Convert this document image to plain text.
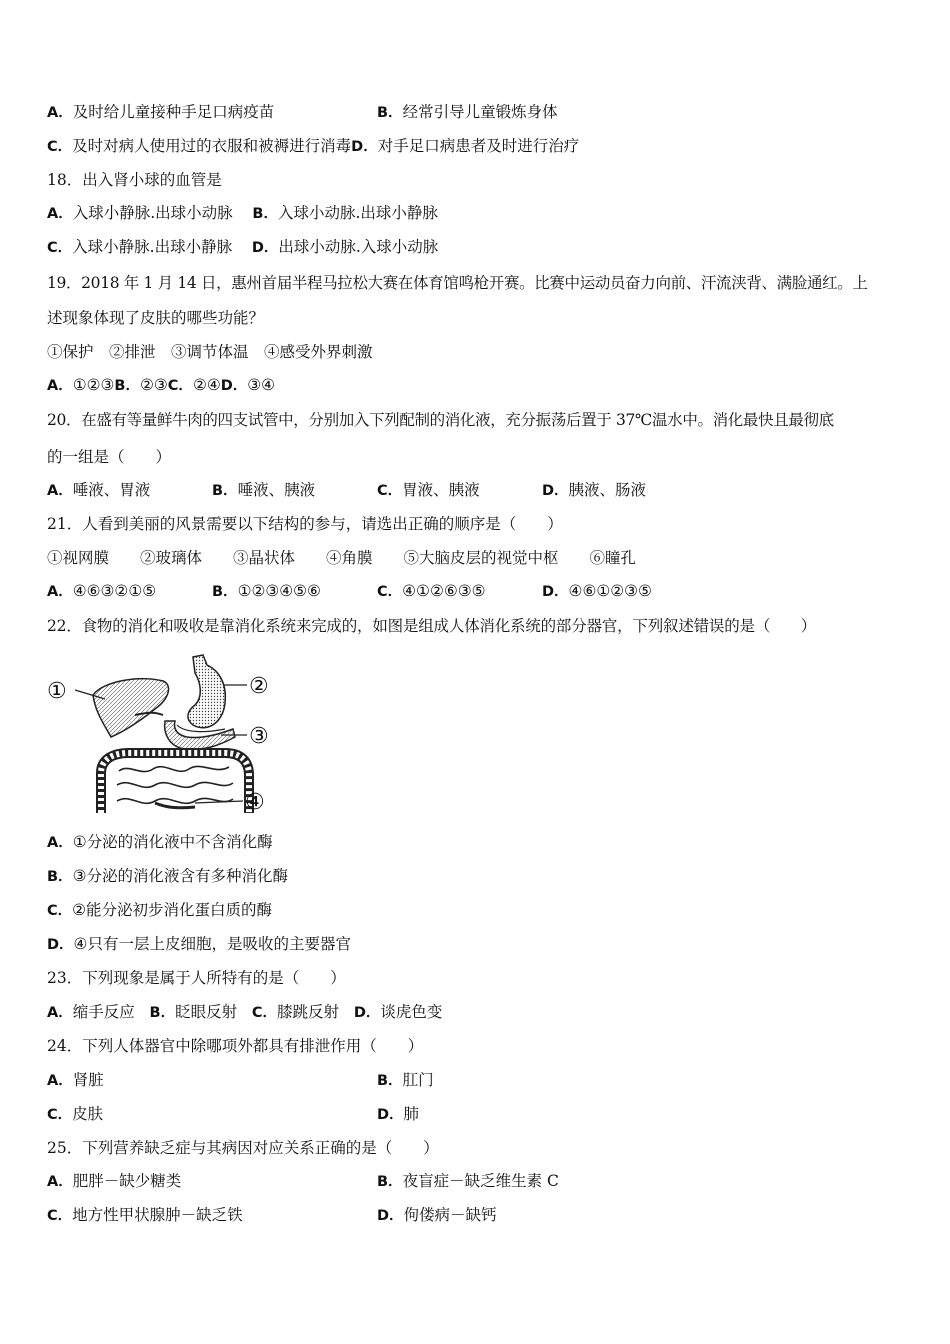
A．及时给儿童接种手足口病疫苗	B．经常引导儿童锻炼身体
C．及时对病人使用过的衣服和被褥进行消毒D．对手足口病患者及时进行治疗
18．出入肾小球的血管是
A．入球小静脉.出球小动脉 B．入球小动脉.出球小静脉
C．入球小静脉.出球小静脉 D．出球小动脉.入球小动脉
19．2018 年 1 月 14 日，惠州首届半程马拉松大赛在体育馆鸣枪开赛。比赛中运动员奋力向前、汗流浃背、满脸通红。上
述现象体现了皮肤的哪些功能？
①保护　②排泄　③调节体温　④感受外界刺激
A．①②③B．②③C．②④D．③④
20．在盛有等量鲜牛肉的四支试管中，分别加入下列配制的消化液，充分振荡后置于 37℃温水中。消化最快且最彻底
的一组是（　　）
A．唾液、胃液	B．唾液、胰液	C．胃液、胰液	D．胰液、肠液
21．人看到美丽的风景需要以下结构的参与，请选出正确的顺序是（　　）
①视网膜　　②玻璃体　　③晶状体　　④角膜　　⑤大脑皮层的视觉中枢　　⑥瞳孔
A．④⑥③②①⑤	B．①②③④⑤⑥	C．④①②⑥③⑤	D．④⑥①②③⑤
22．食物的消化和吸收是靠消化系统来完成的，如图是组成人体消化系统的部分器官，下列叙述错误的是（　　）
①	②
③
④
A．①分泌的消化液中不含消化酶
B．③分泌的消化液含有多种消化酶
C．②能分泌初步消化蛋白质的酶
D．④只有一层上皮细胞，是吸收的主要器官
23．下列现象是属于人所特有的是（　　）
A．缩手反应 B．眨眼反射 C．膝跳反射 D．谈虎色变
24．下列人体器官中除哪项外都具有排泄作用（　　）
A．肾脏	B．肛门
C．皮肤	D．肺
25．下列营养缺乏症与其病因对应关系正确的是（　　）
A．肥胖－缺少糖类	B．夜盲症－缺乏维生素 C
C．地方性甲状腺肿－缺乏铁	D．佝偻病－缺钙
